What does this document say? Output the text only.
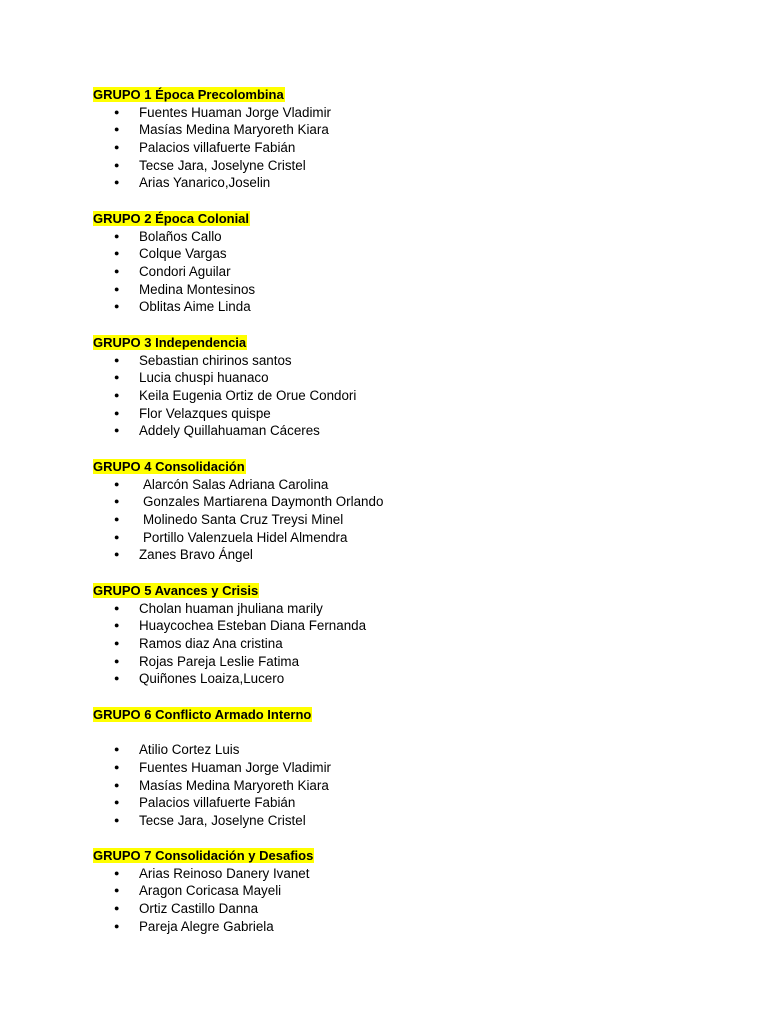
GRUPO 1 Época Precolombina

● Fuentes Huaman Jorge Vladimir
● Masías Medina Maryoreth Kiara
● Palacios villafuerte Fabián
● Tecse Jara, Joselyne Cristel
● Arias Yanarico,Joselin

GRUPO 2 Época Colonial

● Bolaños Callo
● Colque Vargas
● Condori Aguilar
● Medina Montesinos
● Oblitas Aime Linda

GRUPO 3 Independencia

● Sebastian chirinos santos
● Lucia chuspi huanaco
● Keila Eugenia Ortiz de Orue Condori
● Flor Velazques quispe
● Addely Quillahuaman Cáceres

GRUPO 4 Consolidación

● Alarcón Salas Adriana Carolina
● Gonzales Martiarena Daymonth Orlando
● Molinedo Santa Cruz Treysi Minel
● Portillo Valenzuela Hidel Almendra
● Zanes Bravo Ángel

GRUPO 5 Avances y Crisis

● Cholan huaman jhuliana marily
● Huaycochea Esteban Diana Fernanda
● Ramos diaz Ana cristina
● Rojas Pareja Leslie Fatima
● Quiñones Loaiza,Lucero

GRUPO 6 Conflicto Armado Interno

● Atilio Cortez Luis
● Fuentes Huaman Jorge Vladimir
● Masías Medina Maryoreth Kiara
● Palacios villafuerte Fabián
● Tecse Jara, Joselyne Cristel

GRUPO 7 Consolidación y Desafios

● Arias Reinoso Danery Ivanet
● Aragon Coricasa Mayeli
● Ortiz Castillo Danna
● Pareja Alegre Gabriela
